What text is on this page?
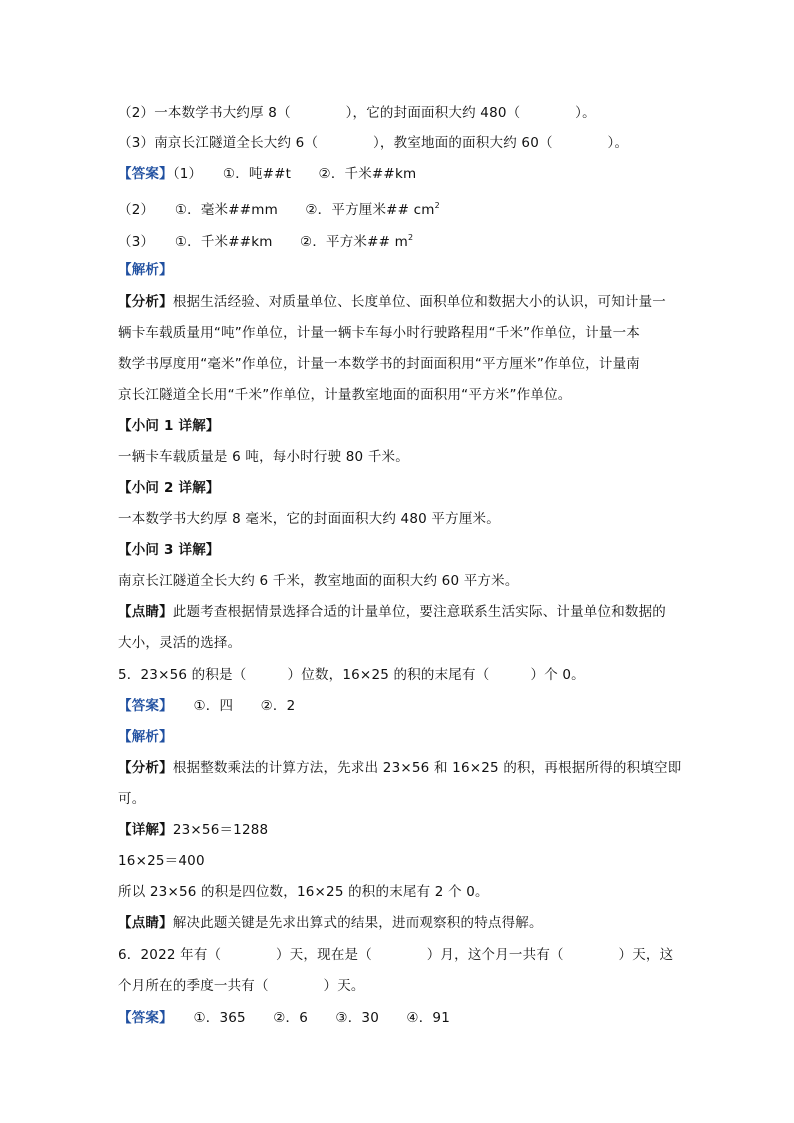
（2）一本数学书大约厚 8（　　　　），它的封面面积大约 480（　　　　）。
（3）南京长江隧道全长大约 6（　　　　），教室地面的面积大约 60（　　　　）。
【答案】（1）　　①．吨##t　　②．千米##km
（2）　　①．毫米##mm　　②．平方厘米## $cm^2$
（3）　　①．千米##km　　②．平方米## $m^2$
【解析】
【分析】根据生活经验、对质量单位、长度单位、面积单位和数据大小的认识，可知计量一
辆卡车载质量用“吨”作单位，计量一辆卡车每小时行驶路程用“千米”作单位，计量一本
数学书厚度用“毫米”作单位，计量一本数学书的封面面积用“平方厘米”作单位，计量南
京长江隧道全长用“千米”作单位，计量教室地面的面积用“平方米”作单位。
【小问 1 详解】
一辆卡车载质量是 6 吨，每小时行驶 80 千米。
【小问 2 详解】
一本数学书大约厚 8 毫米，它的封面面积大约 480 平方厘米。
【小问 3 详解】
南京长江隧道全长大约 6 千米，教室地面的面积大约 60 平方米。
【点睛】此题考查根据情景选择合适的计量单位，要注意联系生活实际、计量单位和数据的
大小，灵活的选择。
5．23×56 的积是（　　　）位数，16×25 的积的末尾有（　　　）个 0。
【答案】　　①．四　　②．2
【解析】
【分析】根据整数乘法的计算方法，先求出 23×56 和 16×25 的积，再根据所得的积填空即
可。
【详解】23×56＝1288
16×25＝400
所以 23×56 的积是四位数，16×25 的积的末尾有 2 个 0。
【点睛】解决此题关键是先求出算式的结果，进而观察积的特点得解。
6．2022 年有（　　　　）天，现在是（　　　　）月，这个月一共有（　　　　）天，这
个月所在的季度一共有（　　　　）天。
【答案】　　①．365　　②．6　　③．30　　④．91
